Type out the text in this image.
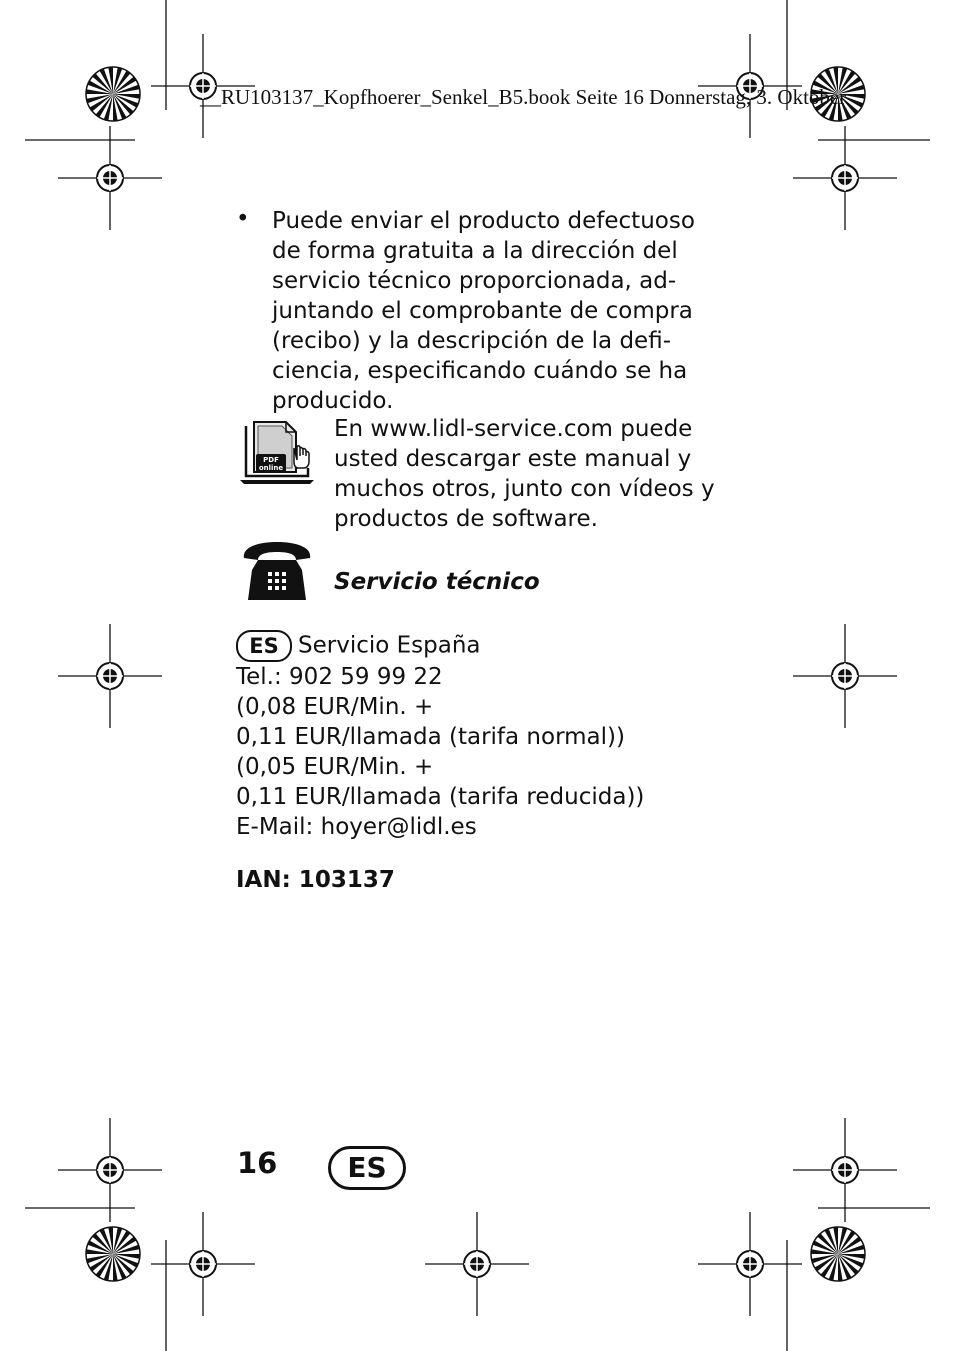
__RU103137_Kopfhoerer_Senkel_B5.book Seite 16 Donnerstag, 3. Oktober
• Puede enviar el producto defectuoso
de forma gratuita a la dirección del
servicio técnico proporcionada, ad-
juntando el comprobante de compra
(recibo) y la descripción de la defi-
ciencia, especificando cuándo se ha
producido.
PDF
online
En www.lidl-service.com puede
usted descargar este manual y
muchos otros, junto con vídeos y
productos de software.
Servicio técnico
ES Servicio España
Tel.: 902 59 99 22
(0,08 EUR/Min. +
0,11 EUR/llamada (tarifa normal))
(0,05 EUR/Min. +
0,11 EUR/llamada (tarifa reducida))
E-Mail: hoyer@lidl.es
IAN: 103137
16	ES
